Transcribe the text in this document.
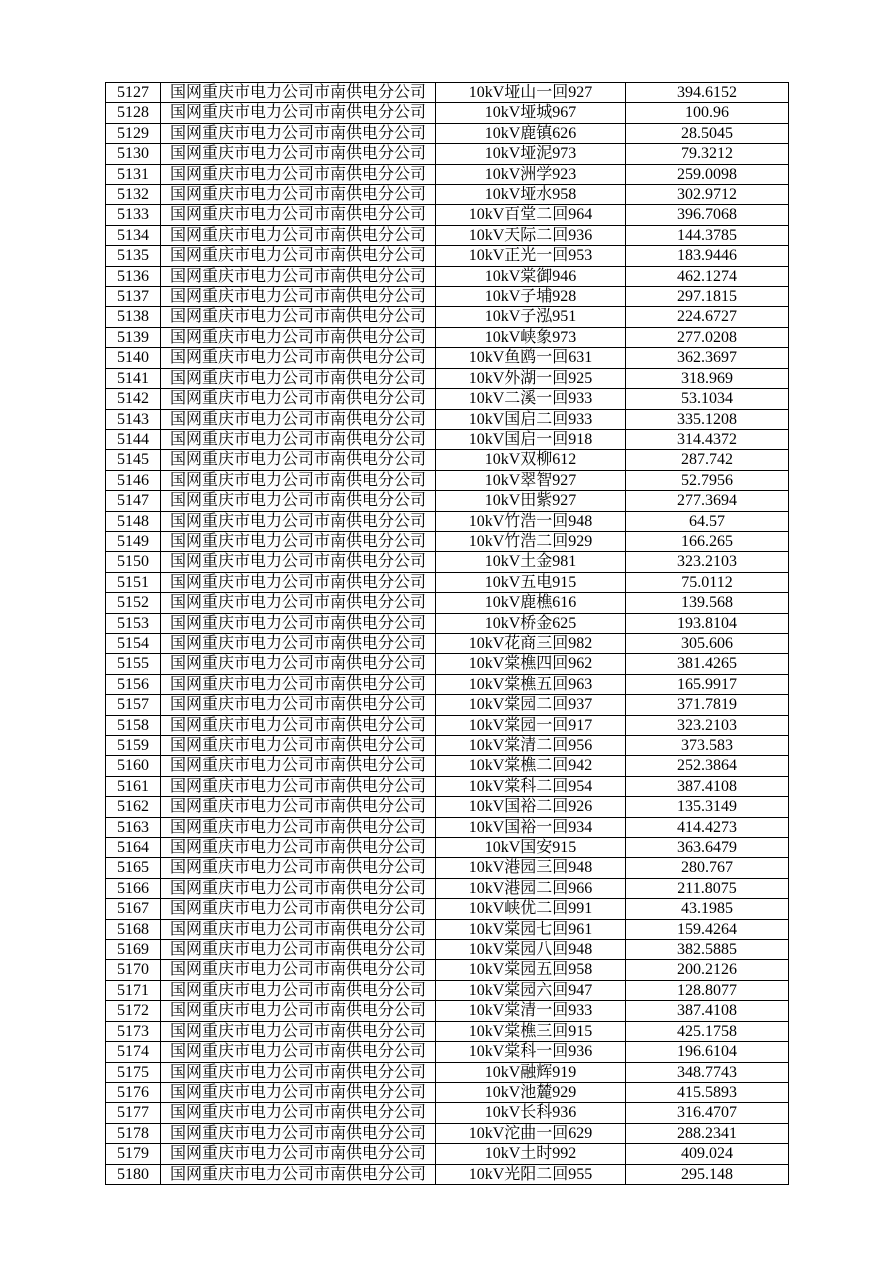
5127	国网重庆市电力公司市南供电分公司	10kV垭山一回927	394.6152
5128	国网重庆市电力公司市南供电分公司	10kV垭城967	100.96
5129	国网重庆市电力公司市南供电分公司	10kV鹿镇626	28.5045
5130	国网重庆市电力公司市南供电分公司	10kV垭泥973	79.3212
5131	国网重庆市电力公司市南供电分公司	10kV洲学923	259.0098
5132	国网重庆市电力公司市南供电分公司	10kV垭水958	302.9712
5133	国网重庆市电力公司市南供电分公司	10kV百堂二回964	396.7068
5134	国网重庆市电力公司市南供电分公司	10kV天际二回936	144.3785
5135	国网重庆市电力公司市南供电分公司	10kV正光一回953	183.9446
5136	国网重庆市电力公司市南供电分公司	10kV棠御946	462.1274
5137	国网重庆市电力公司市南供电分公司	10kV子埔928	297.1815
5138	国网重庆市电力公司市南供电分公司	10kV子泓951	224.6727
5139	国网重庆市电力公司市南供电分公司	10kV峡象973	277.0208
5140	国网重庆市电力公司市南供电分公司	10kV鱼鸥一回631	362.3697
5141	国网重庆市电力公司市南供电分公司	10kV外湖一回925	318.969
5142	国网重庆市电力公司市南供电分公司	10kV二溪一回933	53.1034
5143	国网重庆市电力公司市南供电分公司	10kV国启二回933	335.1208
5144	国网重庆市电力公司市南供电分公司	10kV国启一回918	314.4372
5145	国网重庆市电力公司市南供电分公司	10kV双柳612	287.742
5146	国网重庆市电力公司市南供电分公司	10kV翠智927	52.7956
5147	国网重庆市电力公司市南供电分公司	10kV田紫927	277.3694
5148	国网重庆市电力公司市南供电分公司	10kV竹浩一回948	64.57
5149	国网重庆市电力公司市南供电分公司	10kV竹浩二回929	166.265
5150	国网重庆市电力公司市南供电分公司	10kV土金981	323.2103
5151	国网重庆市电力公司市南供电分公司	10kV五电915	75.0112
5152	国网重庆市电力公司市南供电分公司	10kV鹿樵616	139.568
5153	国网重庆市电力公司市南供电分公司	10kV桥金625	193.8104
5154	国网重庆市电力公司市南供电分公司	10kV花商三回982	305.606
5155	国网重庆市电力公司市南供电分公司	10kV棠樵四回962	381.4265
5156	国网重庆市电力公司市南供电分公司	10kV棠樵五回963	165.9917
5157	国网重庆市电力公司市南供电分公司	10kV棠园二回937	371.7819
5158	国网重庆市电力公司市南供电分公司	10kV棠园一回917	323.2103
5159	国网重庆市电力公司市南供电分公司	10kV棠清二回956	373.583
5160	国网重庆市电力公司市南供电分公司	10kV棠樵二回942	252.3864
5161	国网重庆市电力公司市南供电分公司	10kV棠科二回954	387.4108
5162	国网重庆市电力公司市南供电分公司	10kV国裕二回926	135.3149
5163	国网重庆市电力公司市南供电分公司	10kV国裕一回934	414.4273
5164	国网重庆市电力公司市南供电分公司	10kV国安915	363.6479
5165	国网重庆市电力公司市南供电分公司	10kV港园三回948	280.767
5166	国网重庆市电力公司市南供电分公司	10kV港园二回966	211.8075
5167	国网重庆市电力公司市南供电分公司	10kV峡优二回991	43.1985
5168	国网重庆市电力公司市南供电分公司	10kV棠园七回961	159.4264
5169	国网重庆市电力公司市南供电分公司	10kV棠园八回948	382.5885
5170	国网重庆市电力公司市南供电分公司	10kV棠园五回958	200.2126
5171	国网重庆市电力公司市南供电分公司	10kV棠园六回947	128.8077
5172	国网重庆市电力公司市南供电分公司	10kV棠清一回933	387.4108
5173	国网重庆市电力公司市南供电分公司	10kV棠樵三回915	425.1758
5174	国网重庆市电力公司市南供电分公司	10kV棠科一回936	196.6104
5175	国网重庆市电力公司市南供电分公司	10kV融辉919	348.7743
5176	国网重庆市电力公司市南供电分公司	10kV池麓929	415.5893
5177	国网重庆市电力公司市南供电分公司	10kV长科936	316.4707
5178	国网重庆市电力公司市南供电分公司	10kV沱曲一回629	288.2341
5179	国网重庆市电力公司市南供电分公司	10kV土时992	409.024
5180	国网重庆市电力公司市南供电分公司	10kV光阳二回955	295.148
